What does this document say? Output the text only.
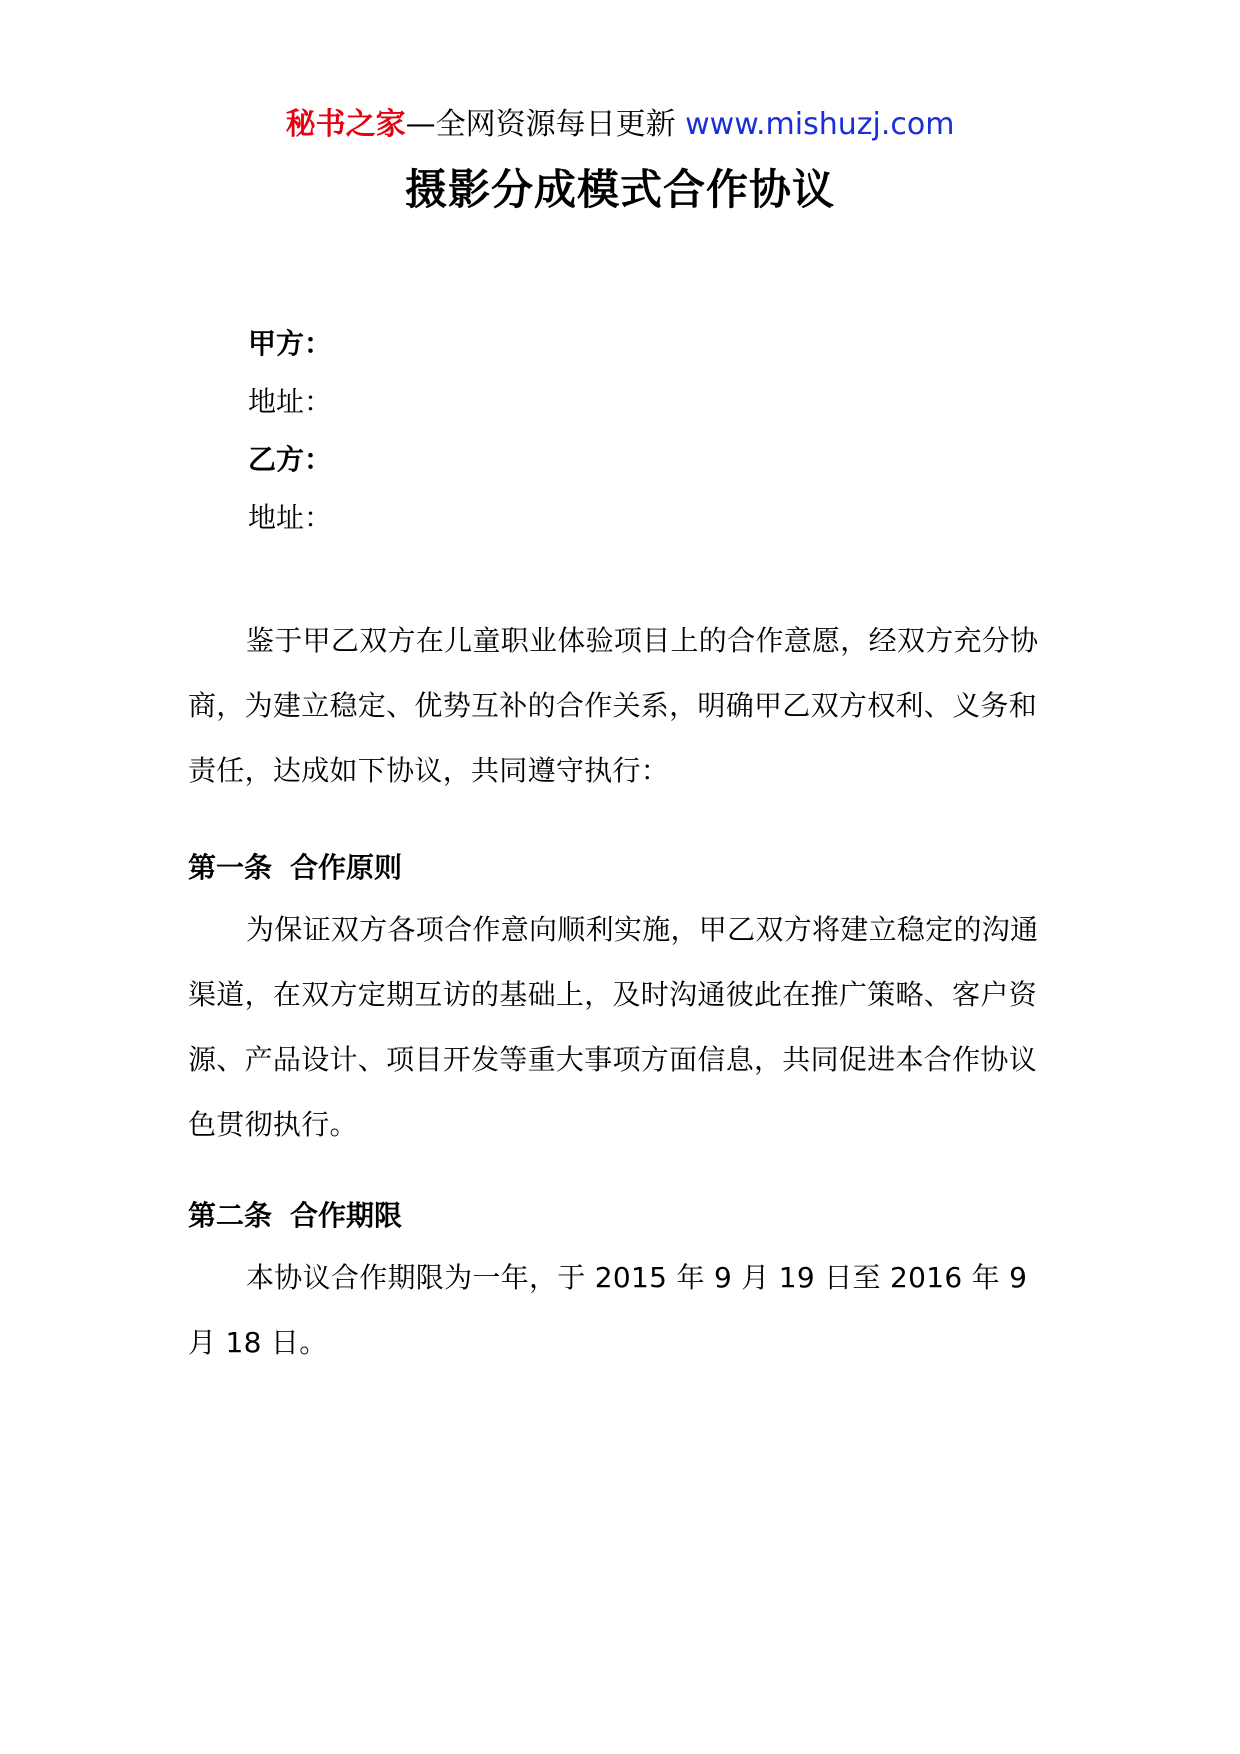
秘书之家—全网资源每日更新 www.mishuzj.com
摄影分成模式合作协议
甲方：
地址：
乙方：
地址：

鉴于甲乙双方在儿童职业体验项目上的合作意愿，经双方充分协商，为建立稳定、优势互补的合作关系，明确甲乙双方权利、义务和责任，达成如下协议，共同遵守执行：

第一条 合作原则

为保证双方各项合作意向顺利实施，甲乙双方将建立稳定的沟通渠道，在双方定期互访的基础上，及时沟通彼此在推广策略、客户资源、产品设计、项目开发等重大事项方面信息，共同促进本合作协议色贯彻执行。

第二条 合作期限

本协议合作期限为一年，于 2015 年 9 月 19 日至 2016 年 9 月 18 日。
